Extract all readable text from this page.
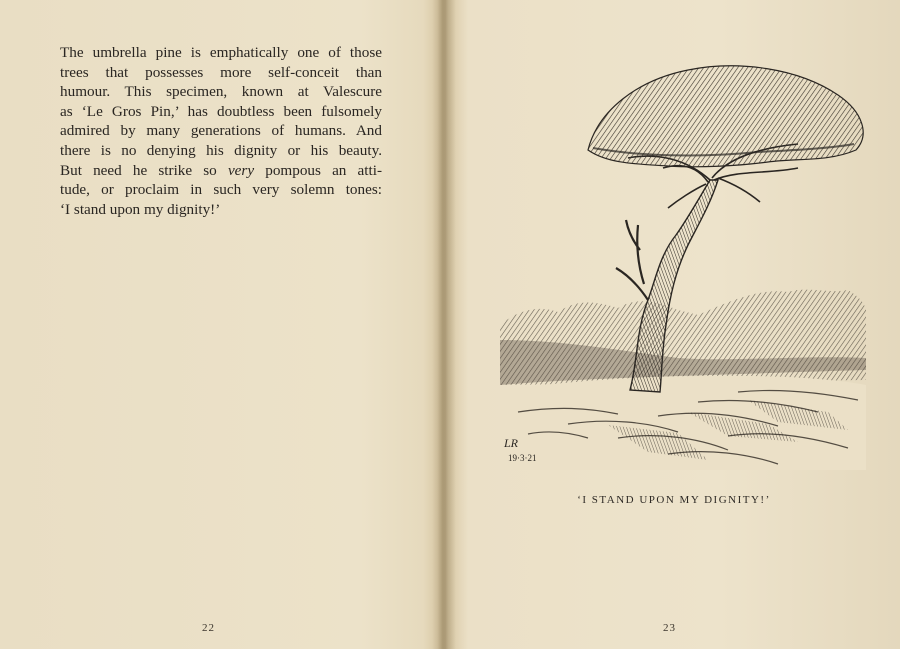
The umbrella pine is emphatically one of those
trees that possesses more self-conceit than
humour. This specimen, known at Valescure
as ‘Le Gros Pin,’ has doubtless been fulsomely
admired by many generations of humans. And
there is no denying his dignity or his beauty.
But need he strike so very pompous an atti-
tude, or proclaim in such very solemn tones:
‘I stand upon my dignity!’

22
LR
19·3·21
‘I STAND UPON MY DIGNITY!’
23
